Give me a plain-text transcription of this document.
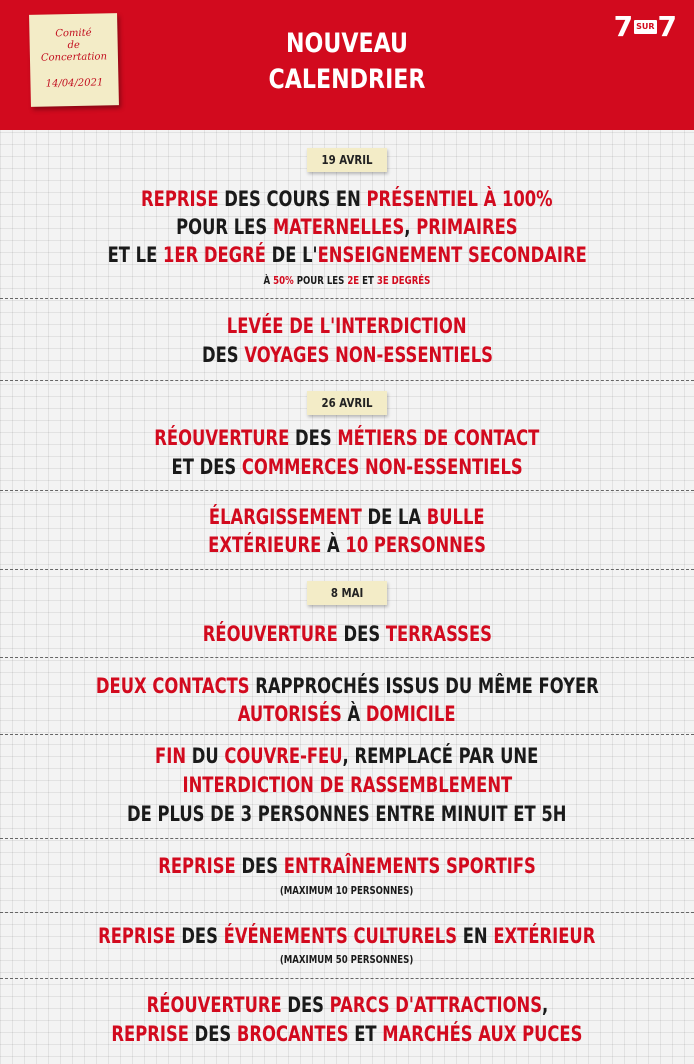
Comité
de
Concertation
14/04/2021
NOUVEAU
CALENDRIER
7 SUR 7
19 AVRIL
REPRISE DES COURS EN PRÉSENTIEL À 100%
POUR LES MATERNELLES, PRIMAIRES
ET LE 1ER DEGRÉ DE L'ENSEIGNEMENT SECONDAIRE
À 50% POUR LES 2E ET 3E DEGRÉS
LEVÉE DE L'INTERDICTION
DES VOYAGES NON-ESSENTIELS
26 AVRIL
RÉOUVERTURE DES MÉTIERS DE CONTACT
ET DES COMMERCES NON-ESSENTIELS
ÉLARGISSEMENT DE LA BULLE
EXTÉRIEURE À 10 PERSONNES
8 MAI
RÉOUVERTURE DES TERRASSES
DEUX CONTACTS RAPPROCHÉS ISSUS DU MÊME FOYER
AUTORISÉS À DOMICILE
FIN DU COUVRE-FEU, REMPLACÉ PAR UNE
INTERDICTION DE RASSEMBLEMENT
DE PLUS DE 3 PERSONNES ENTRE MINUIT ET 5H
REPRISE DES ENTRAÎNEMENTS SPORTIFS
(MAXIMUM 10 PERSONNES)
REPRISE DES ÉVÉNEMENTS CULTURELS EN EXTÉRIEUR
(MAXIMUM 50 PERSONNES)
RÉOUVERTURE DES PARCS D'ATTRACTIONS,
REPRISE DES BROCANTES ET MARCHÉS AUX PUCES
